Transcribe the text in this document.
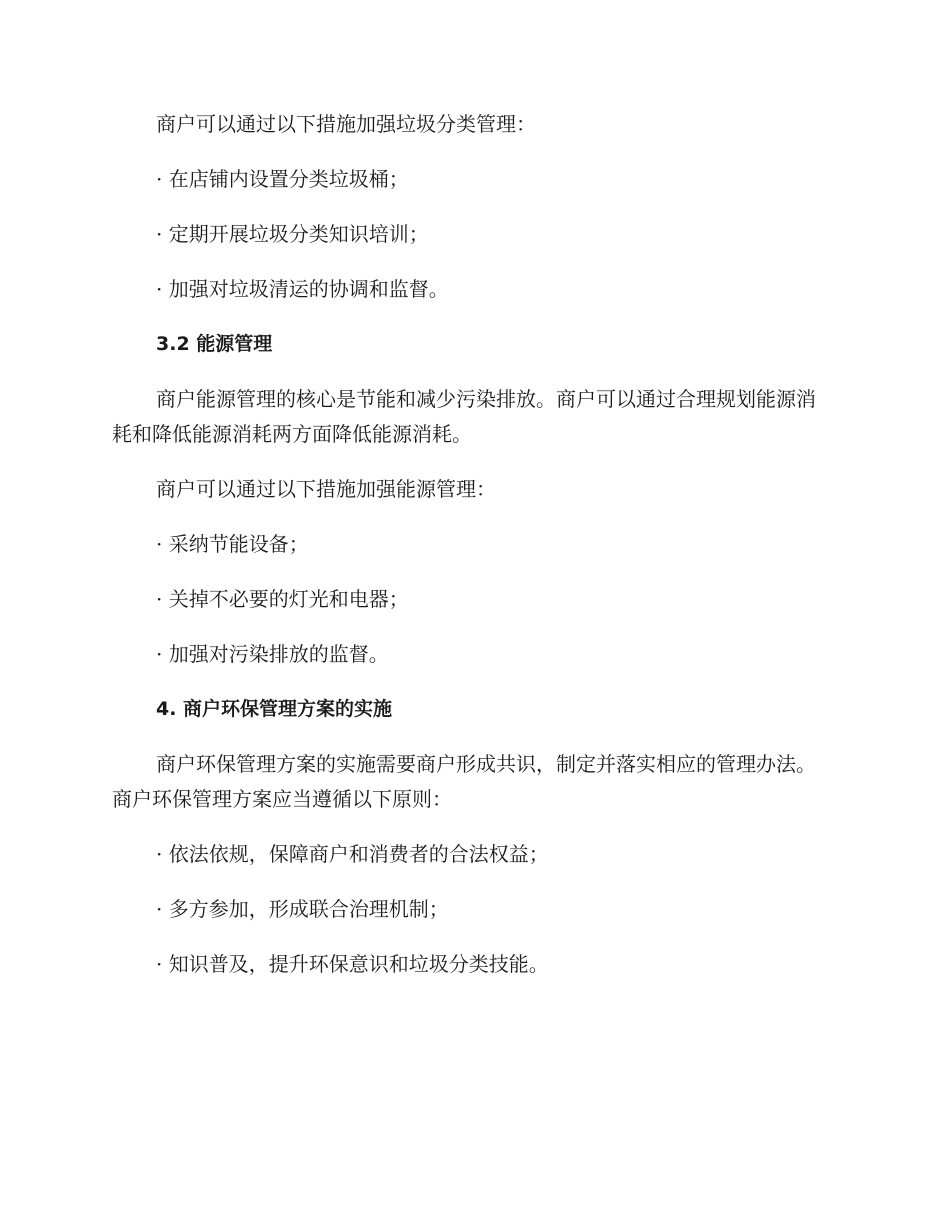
商户可以通过以下措施加强垃圾分类管理：

· 在店铺内设置分类垃圾桶；

· 定期开展垃圾分类知识培训；

· 加强对垃圾清运的协调和监督。

3.2 能源管理

商户能源管理的核心是节能和减少污染排放。商户可以通过合理规划能源消耗和降低能源消耗两方面降低能源消耗。

商户可以通过以下措施加强能源管理：

· 采纳节能设备；

· 关掉不必要的灯光和电器；

· 加强对污染排放的监督。

4. 商户环保管理方案的实施

商户环保管理方案的实施需要商户形成共识，制定并落实相应的管理办法。商户环保管理方案应当遵循以下原则：

· 依法依规，保障商户和消费者的合法权益；

· 多方参加，形成联合治理机制；

· 知识普及，提升环保意识和垃圾分类技能。
